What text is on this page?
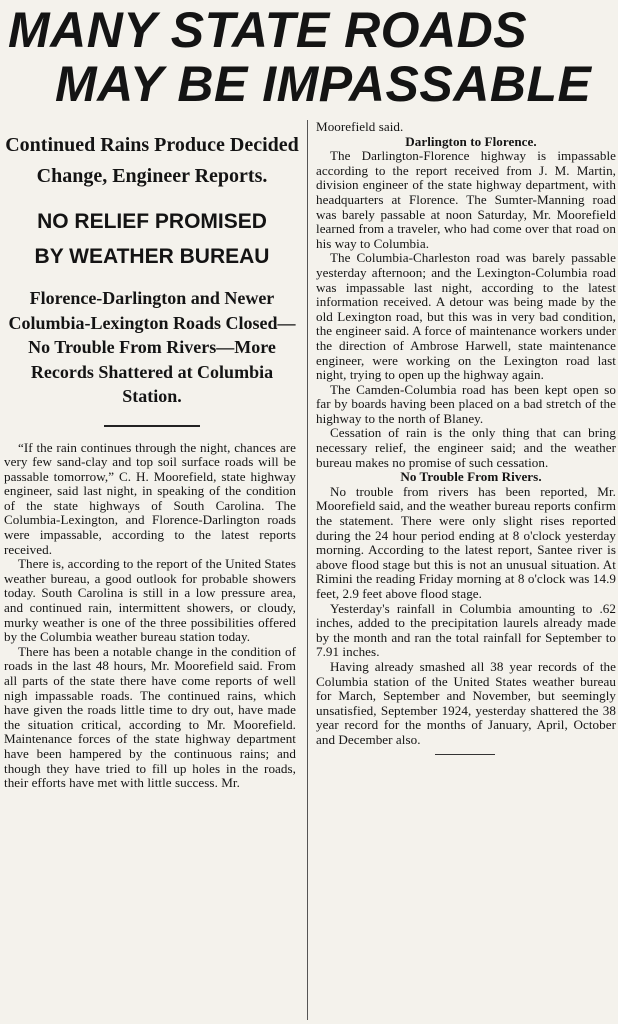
MANY STATE ROADS
MAY BE IMPASSABLE
Continued Rains Produce Decided Change, Engineer Reports.
NO RELIEF PROMISED
BY WEATHER BUREAU
Florence-Darlington and Newer Columbia-Lexington Roads Closed—No Trouble From Rivers—More Records Shattered at Columbia Station.

“If the rain continues through the night, chances are very few sand-clay and top soil surface roads will be passable tomorrow,” C. H. Moorefield, state highway engineer, said last night, in speaking of the condition of the state highways of South Carolina. The Columbia-Lexington, and Florence-Darlington roads were impassable, according to the latest reports received.

There is, according to the report of the United States weather bureau, a good outlook for probable showers today. South Carolina is still in a low pressure area, and continued rain, intermittent showers, or cloudy, murky weather is one of the three possibilities offered by the Columbia weather bureau station today.

There has been a notable change in the condition of roads in the last 48 hours, Mr. Moorefield said. From all parts of the state there have come reports of well nigh impassable roads. The continued rains, which have given the roads little time to dry out, have made the situation critical, according to Mr. Moorefield. Maintenance forces of the state highway department have been hampered by the continuous rains; and though they have tried to fill up holes in the roads, their efforts have met with little success. Mr.

Moorefield said.

Darlington to Florence.

The Darlington-Florence highway is impassable according to the report received from J. M. Martin, division engineer of the state highway department, with headquarters at Florence. The Sumter-Manning road was barely passable at noon Saturday, Mr. Moorefield learned from a traveler, who had come over that road on his way to Columbia.

The Columbia-Charleston road was barely passable yesterday afternoon; and the Lexington-Columbia road was impassable last night, according to the latest information received. A detour was being made by the old Lexington road, but this was in very bad condition, the engineer said. A force of maintenance workers under the direction of Ambrose Harwell, state maintenance engineer, were working on the Lexington road last night, trying to open up the highway again.

The Camden-Columbia road has been kept open so far by boards having been placed on a bad stretch of the highway to the north of Blaney.

Cessation of rain is the only thing that can bring necessary relief, the engineer said; and the weather bureau makes no promise of such cessation.

No Trouble From Rivers.

No trouble from rivers has been reported, Mr. Moorefield said, and the weather bureau reports confirm the statement. There were only slight rises reported during the 24 hour period ending at 8 o'clock yesterday morning. According to the latest report, Santee river is above flood stage but this is not an unusual situation. At Rimini the reading Friday morning at 8 o'clock was 14.9 feet, 2.9 feet above flood stage.

Yesterday's rainfall in Columbia amounting to .62 inches, added to the precipitation laurels already made by the month and ran the total rainfall for September to 7.91 inches.

Having already smashed all 38 year records of the Columbia station of the United States weather bureau for March, September and November, but seemingly unsatisfied, September 1924, yesterday shattered the 38 year record for the months of January, April, October and December also.
